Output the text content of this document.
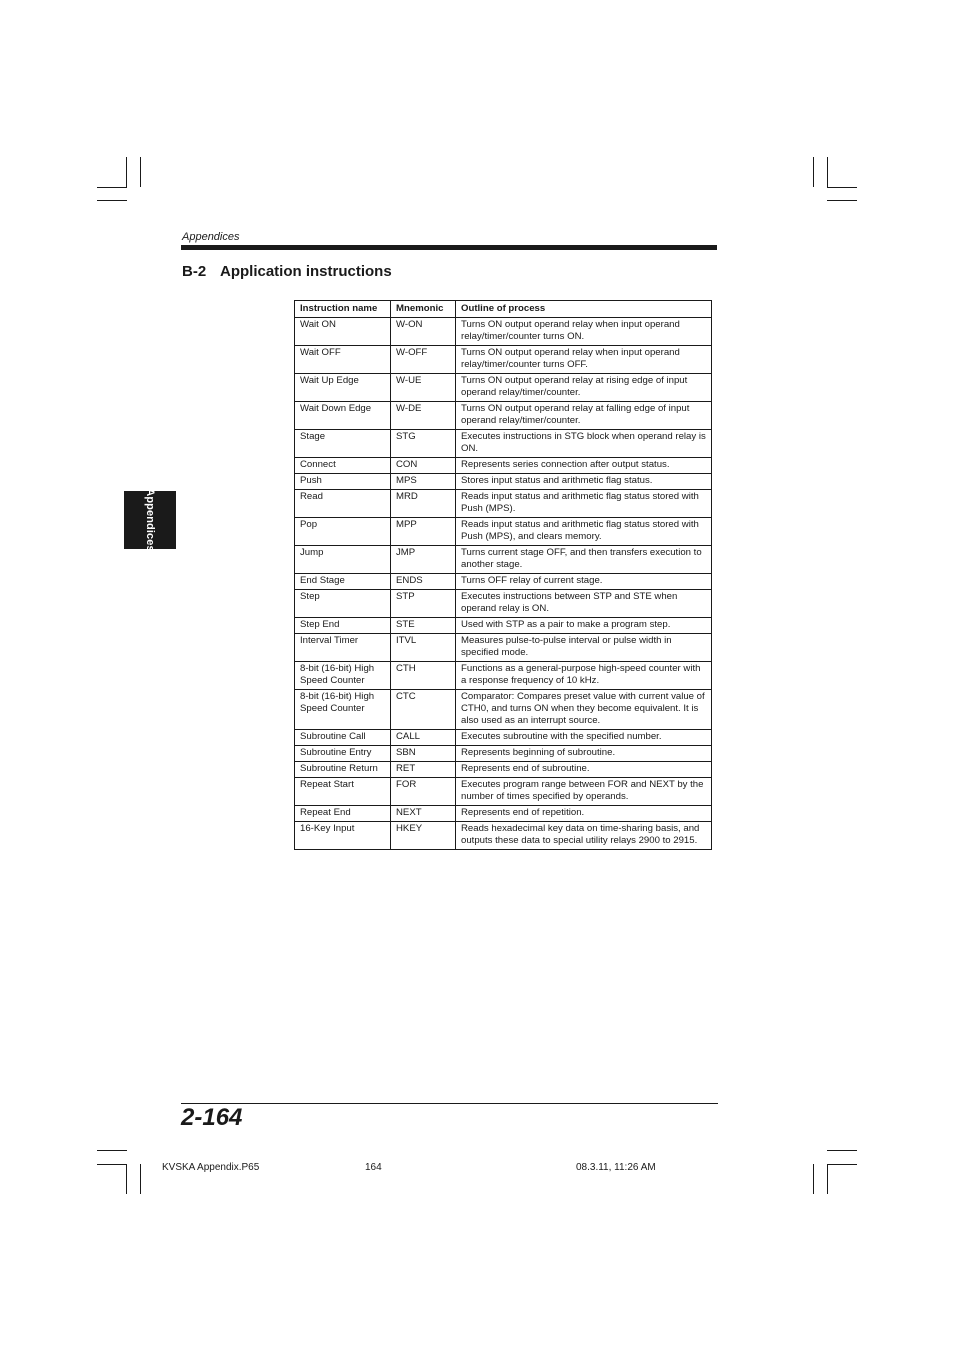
Appendices
B-2 Application instructions
Appendices
Instruction name	Mnemonic	Outline of process
Wait ON	W-ON	Turns ON output operand relay when input operand relay/timer/counter turns ON.
Wait OFF	W-OFF	Turns ON output operand relay when input operand relay/timer/counter turns OFF.
Wait Up Edge	W-UE	Turns ON output operand relay at rising edge of input operand relay/timer/counter.
Wait Down Edge	W-DE	Turns ON output operand relay at falling edge of input operand relay/timer/counter.
Stage	STG	Executes instructions in STG block when operand relay is ON.
Connect	CON	Represents series connection after output status.
Push	MPS	Stores input status and arithmetic flag status.
Read	MRD	Reads input status and arithmetic flag status stored with Push (MPS).
Pop	MPP	Reads input status and arithmetic flag status stored with Push (MPS), and clears memory.
Jump	JMP	Turns current stage OFF, and then transfers execution to another stage.
End Stage	ENDS	Turns OFF relay of current stage.
Step	STP	Executes instructions between STP and STE when operand relay is ON.
Step End	STE	Used with STP as a pair to make a program step.
Interval Timer	ITVL	Measures pulse-to-pulse interval or pulse width in specified mode.
8-bit (16-bit) High Speed Counter	CTH	Functions as a general-purpose high-speed counter with a response frequency of 10 kHz.
8-bit (16-bit) High Speed Counter	CTC	Comparator: Compares preset value with current value of CTH0, and turns ON when they become equivalent. It is also used as an interrupt source.
Subroutine Call	CALL	Executes subroutine with the specified number.
Subroutine Entry	SBN	Represents beginning of subroutine.
Subroutine Return	RET	Represents end of subroutine.
Repeat Start	FOR	Executes program range between FOR and NEXT by the number of times specified by operands.
Repeat End	NEXT	Represents end of repetition.
16-Key Input	HKEY	Reads hexadecimal key data on time-sharing basis, and outputs these data to special utility relays 2900 to 2915.
2-164
KVSKA Appendix.P65	164	08.3.11, 11:26 AM
